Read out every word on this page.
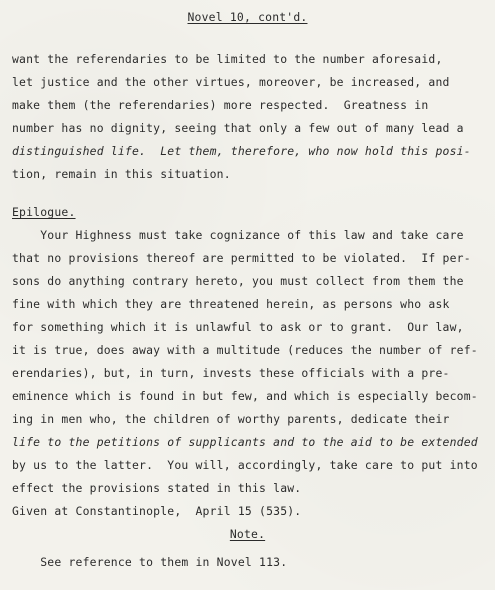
Novel 10, cont'd.
want the referendaries to be limited to the number aforesaid,
let justice and the other virtues, moreover, be increased, and
make them (the referendaries) more respected.  Greatness in
number has no dignity, seeing that only a few out of many lead a
distinguished life.  Let them, therefore, who now hold this posi-
tion, remain in this situation.
Epilogue.
Your Highness must take cognizance of this law and take care
that no provisions thereof are permitted to be violated.  If per-
sons do anything contrary hereto, you must collect from them the
fine with which they are threatened herein, as persons who ask
for something which it is unlawful to ask or to grant.  Our law,
it is true, does away with a multitude (reduces the number of ref-
erendaries), but, in turn, invests these officials with a pre-
eminence which is found in but few, and which is especially becom-
ing in men who, the children of worthy parents, dedicate their
life to the petitions of supplicants and to the aid to be extended
by us to the latter.  You will, accordingly, take care to put into
effect the provisions stated in this law.
Given at Constantinople,  April 15 (535).
Note.
See reference to them in Novel 113.
